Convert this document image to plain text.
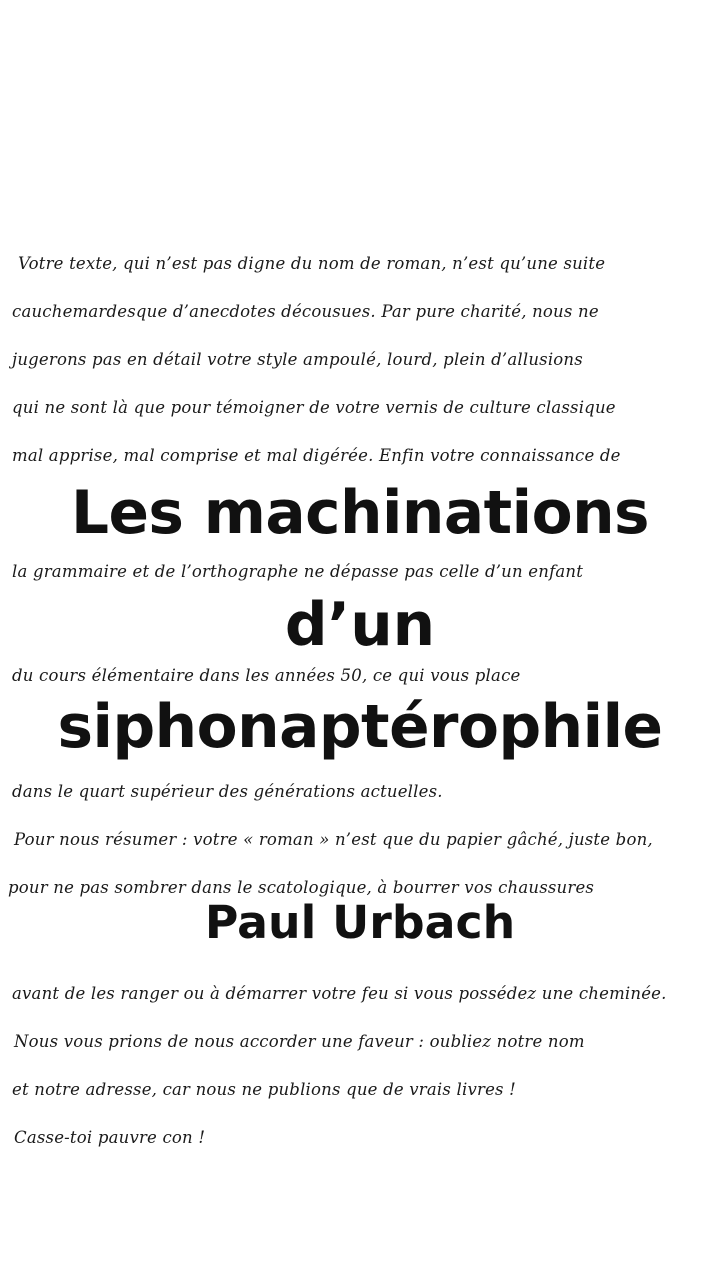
Votre texte, qui n’est pas digne du nom de roman, n’est qu’une suite
cauchemardesque d’anecdotes décousues. Par pure charité, nous ne
jugerons pas en détail votre style ampoulé, lourd, plein d’allusions
qui ne sont là que pour témoigner de votre vernis de culture classique
mal apprise, mal comprise et mal digérée. Enfin votre connaissance de
la grammaire et de l’orthographe ne dépasse pas celle d’un enfant
du cours élémentaire dans les années 50, ce qui vous place
dans le quart supérieur des générations actuelles.
Pour nous résumer : votre « roman » n’est que du papier gâché, juste bon,
pour ne pas sombrer dans le scatologique, à bourrer vos chaussures
avant de les ranger ou à démarrer votre feu si vous possédez une cheminée.
Nous vous prions de nous accorder une faveur : oubliez notre nom
et notre adresse, car nous ne publions que de vrais livres !
Casse-toi pauvre con !
Les machinations
d’un
siphonaptérophile
Paul Urbach
